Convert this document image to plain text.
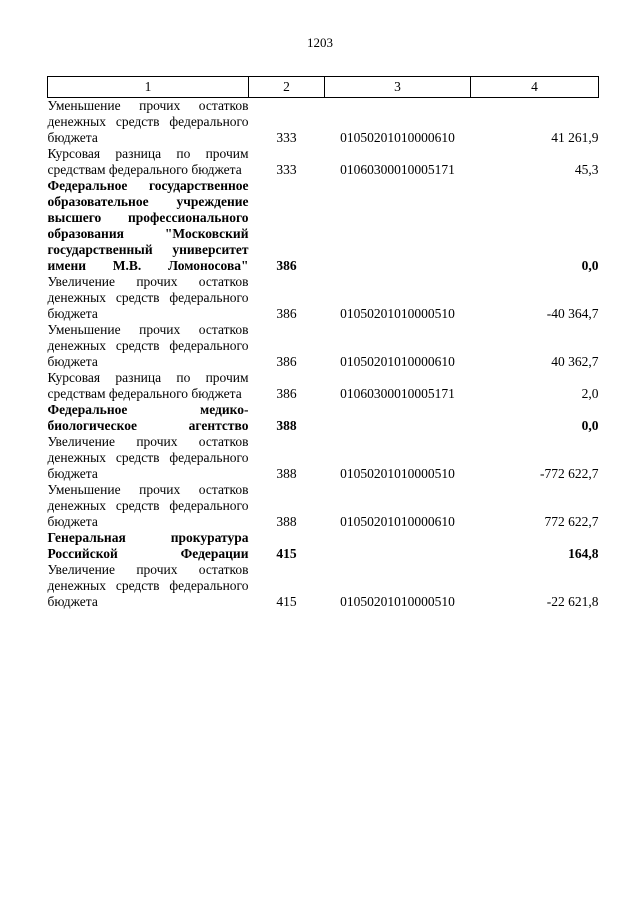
1203
1	2	3	4
Уменьшение прочих остатков денежных средств федерального бюджета	333	01050201010000610	41 261,9
Курсовая разница по прочим средствам федерального бюджета	333	01060300010005171	45,3
Федеральное государственное образовательное учреждение высшего профессионального образования "Московский государственный университет имени М.В. Ломоносова"	386		0,0
Увеличение прочих остатков денежных средств федерального бюджета	386	01050201010000510	-40 364,7
Уменьшение прочих остатков денежных средств федерального бюджета	386	01050201010000610	40 362,7
Курсовая разница по прочим средствам федерального бюджета	386	01060300010005171	2,0
Федеральное медико-биологическое агентство	388		0,0
Увеличение прочих остатков денежных средств федерального бюджета	388	01050201010000510	-772 622,7
Уменьшение прочих остатков денежных средств федерального бюджета	388	01050201010000610	772 622,7
Генеральная прокуратура Российской Федерации	415		164,8
Увеличение прочих остатков денежных средств федерального бюджета	415	01050201010000510	-22 621,8
